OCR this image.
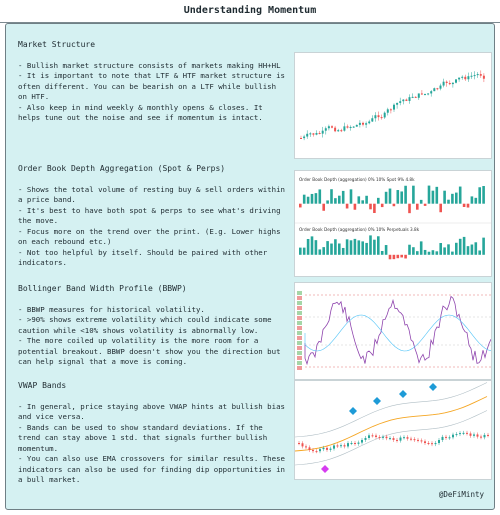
Understanding Momentum
Market Structure

- Bullish market structure consists of markets making HH+HL
- It is important to note that LTF & HTF market structure is often different. You can be bearish on a LTF while bullish on HTF.
- Also keep in mind weekly & monthly opens & closes. It helps tune out the noise and see if momentum is intact.

Order Book Depth Aggregation (Spot & Perps)

- Shows the total volume of resting buy & sell orders within a price band.
- It's best to have both spot & perps to see what's driving the move.
- Focus more on the trend over the print. (E.g. Lower highs on each rebound etc.)
- Not too helpful by itself. Should be paired with other indicators.

Order Book Depth (aggregation) 0% 10% Spot 9% 4.8k
Order Book Depth (aggregation) 0% 10% Perpetuals 3.8k
Bollinger Band Width Profile (BBWP)

- BBWP measures for historical volatility.
- >90% shows extreme volatility which could indicate some caution while <10% shows volatility is abnormally low.
- The more coiled up volatility is the more room for a potential breakout. BBWP doesn't show you the direction but can help signal that a move is coming.

VWAP Bands

- In general, price staying above VWAP hints at bullish bias and vice versa.
- Bands can be used to show standard deviations. If the trend can stay above 1 std. that signals further bullish momentum.
- You can also use EMA crossovers for similar results. These indicators can also be used for finding dip opportunities in a bull market.

@DeFiMinty
